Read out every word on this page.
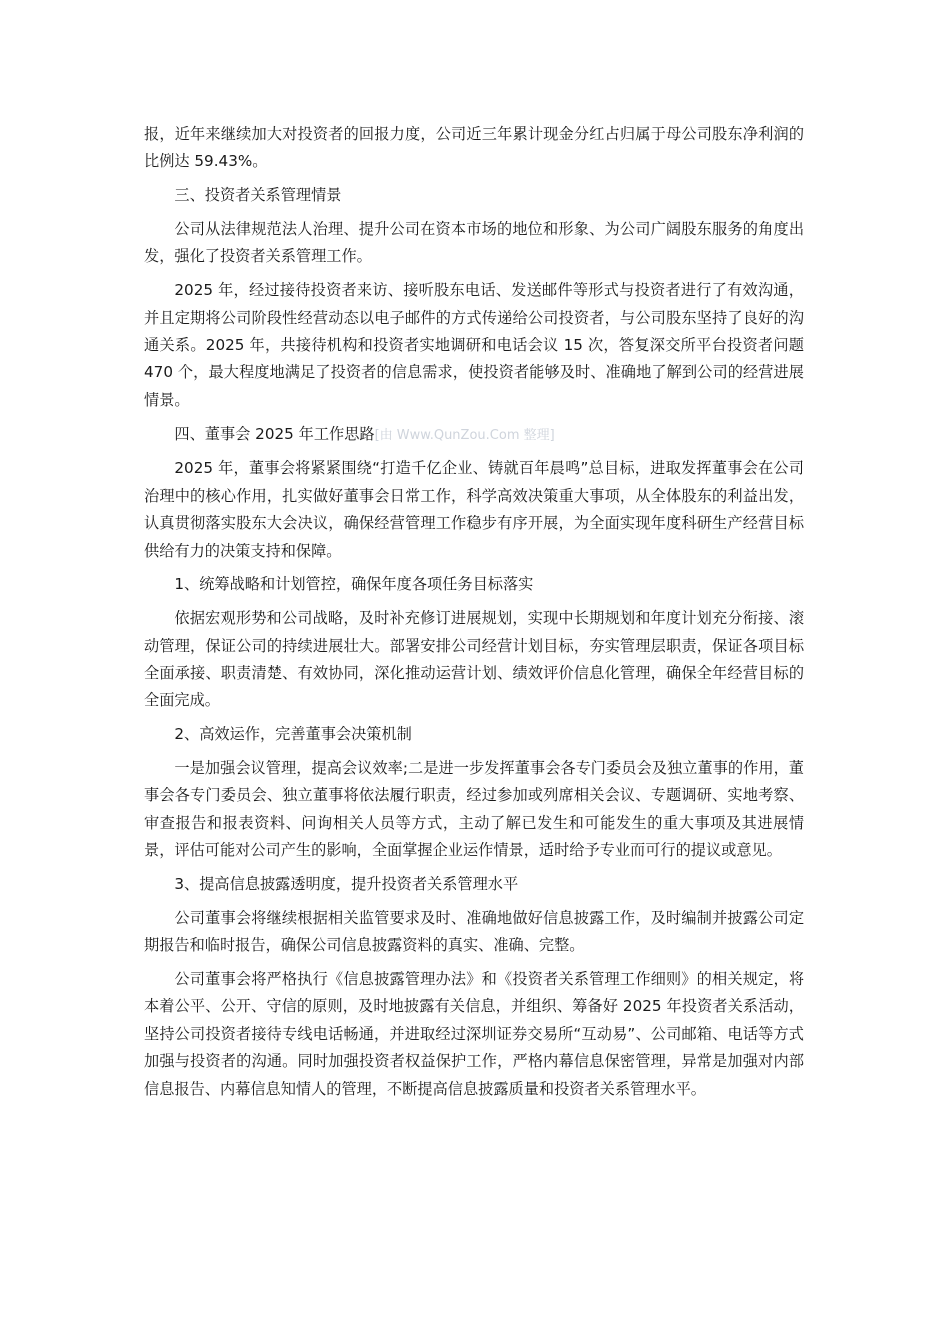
报，近年来继续加大对投资者的回报力度，公司近三年累计现金分红占归属于母公司股东净利润的比例达 59.43%。

三、投资者关系管理情景

公司从法律规范法人治理、提升公司在资本市场的地位和形象、为公司广阔股东服务的角度出发，强化了投资者关系管理工作。

2025 年，经过接待投资者来访、接听股东电话、发送邮件等形式与投资者进行了有效沟通，并且定期将公司阶段性经营动态以电子邮件的方式传递给公司投资者，与公司股东坚持了良好的沟通关系。2025 年，共接待机构和投资者实地调研和电话会议 15 次，答复深交所平台投资者问题 470 个，最大程度地满足了投资者的信息需求，使投资者能够及时、准确地了解到公司的经营进展情景。

四、董事会 2025 年工作思路[由 Www.QunZou.Com 整理]

2025 年，董事会将紧紧围绕“打造千亿企业、铸就百年晨鸣”总目标，进取发挥董事会在公司治理中的核心作用，扎实做好董事会日常工作，科学高效决策重大事项，从全体股东的利益出发，认真贯彻落实股东大会决议，确保经营管理工作稳步有序开展，为全面实现年度科研生产经营目标供给有力的决策支持和保障。

1、统筹战略和计划管控，确保年度各项任务目标落实

依据宏观形势和公司战略，及时补充修订进展规划，实现中长期规划和年度计划充分衔接、滚动管理，保证公司的持续进展壮大。部署安排公司经营计划目标，夯实管理层职责，保证各项目标全面承接、职责清楚、有效协同，深化推动运营计划、绩效评价信息化管理，确保全年经营目标的全面完成。

2、高效运作，完善董事会决策机制

一是加强会议管理，提高会议效率;二是进一步发挥董事会各专门委员会及独立董事的作用，董事会各专门委员会、独立董事将依法履行职责，经过参加或列席相关会议、专题调研、实地考察、审查报告和报表资料、问询相关人员等方式，主动了解已发生和可能发生的重大事项及其进展情景，评估可能对公司产生的影响，全面掌握企业运作情景，适时给予专业而可行的提议或意见。

3、提高信息披露透明度，提升投资者关系管理水平

公司董事会将继续根据相关监管要求及时、准确地做好信息披露工作，及时编制并披露公司定期报告和临时报告，确保公司信息披露资料的真实、准确、完整。

公司董事会将严格执行《信息披露管理办法》和《投资者关系管理工作细则》的相关规定，将本着公平、公开、守信的原则，及时地披露有关信息，并组织、筹备好 2025 年投资者关系活动，坚持公司投资者接待专线电话畅通，并进取经过深圳证券交易所“互动易”、公司邮箱、电话等方式加强与投资者的沟通。同时加强投资者权益保护工作，严格内幕信息保密管理，异常是加强对内部信息报告、内幕信息知情人的管理，不断提高信息披露质量和投资者关系管理水平。
